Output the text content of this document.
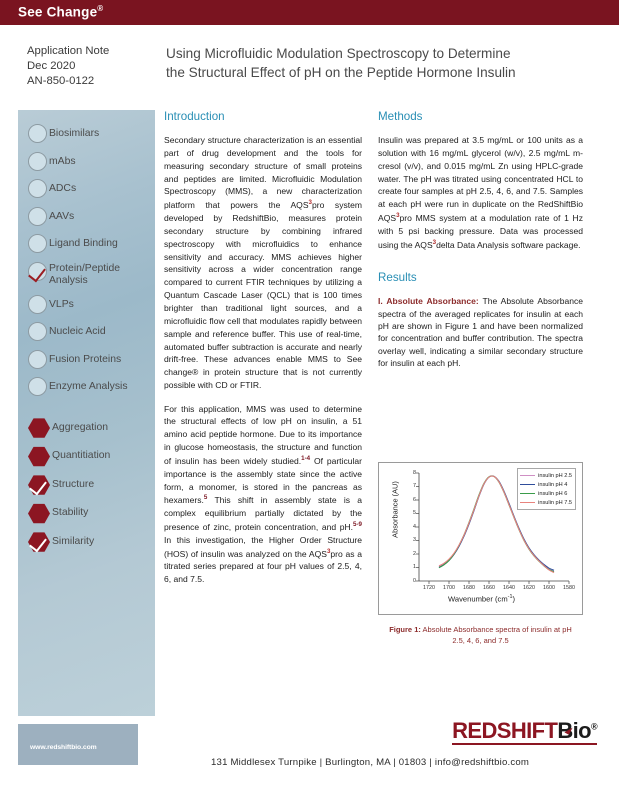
See Change®
Application Note
Dec 2020
AN-850-0122
Using Microfluidic Modulation Spectroscopy to Determine
the Structural Effect of pH on the Peptide Hormone Insulin
Biosimilars
mAbs
ADCs
AAVs
Ligand Binding
Protein/Peptide Analysis
VLPs
Nucleic Acid
Fusion Proteins
Enzyme Analysis
Aggregation
Quantitiation
Structure
Stability
Similarity
Introduction

Secondary structure characterization is an essential part of drug development and the tools for measuring secondary structure of small proteins and peptides are limited. Microfluidic Modulation Spectroscopy (MMS), a new characterization platform that powers the AQS$^3$pro system developed by RedshiftBio, measures protein secondary structure by combining infrared spectroscopy with microfluidics to enhance sensitivity and accuracy. MMS achieves higher sensitivity across a wider concentration range compared to current FTIR techniques by utilizing a Quantum Cascade Laser (QCL) that is 100 times brighter than traditional light sources, and a microfluidic flow cell that modulates rapidly between sample and reference buffer. This use of real-time, automated buffer subtraction is accurate and nearly drift-free. These advances enable MMS to See change® in protein structure that is not currently possible with CD or FTIR.

For this application, MMS was used to determine the structural effects of low pH on insulin, a 51 amino acid peptide hormone. Due to its importance in glucose homeostasis, the structure and function of insulin has been widely studied.$^{1-4}$ Of particular importance is the assembly state since the active form, a monomer, is stored in the pancreas as hexamers.$^5$ This shift in assembly state is a complex equilibrium partially dictated by the presence of zinc, protein concentration, and pH.$^{5-9}$ In this investigation, the Higher Order Structure (HOS) of insulin was analyzed on the AQS$^3$pro as a titrated series prepared at four pH values of 2.5, 4, 6, and 7.5.

Methods

Insulin was prepared at 3.5 mg/mL or 100 units as a solution with 16 mg/mL glycerol (w/v), 2.5 mg/mL m-cresol (v/v), and 0.015 mg/mL Zn using HPLC-grade water. The pH was titrated using concentrated HCL to create four samples at pH 2.5, 4, 6, and 7.5. Samples at each pH were run in duplicate on the RedShiftBio AQS$^3$pro MMS system at a modulation rate of 1 Hz with 5 psi backing pressure. Data was processed using the AQS$^3$delta Data Analysis software package.

Results

I. Absolute Absorbance: The Absolute Absorbance spectra of the averaged replicates for insulin at each pH are shown in Figure 1 and have been normalized for concentration and buffer contribution. The spectra overlay well, indicating a similar secondary structure for insulin at each pH.

Absorbance (AU)
0
1
2
3
4
5
6
7
8
1720	1700	1680	1660	1640	1620	1600	1580
insulin pH 2.5
insulin pH 4
insulin pH 6
insulin pH 7.5
Wavenumber $(cm^{-1})$
Figure 1: Absolute Absorbance spectra of insulin at pH 2.5, 4, 6, and 7.5
www.redshiftbio.com
REDSHIFTBio®
131 Middlesex Turnpike | Burlington, MA | 01803 | info@redshiftbio.com
